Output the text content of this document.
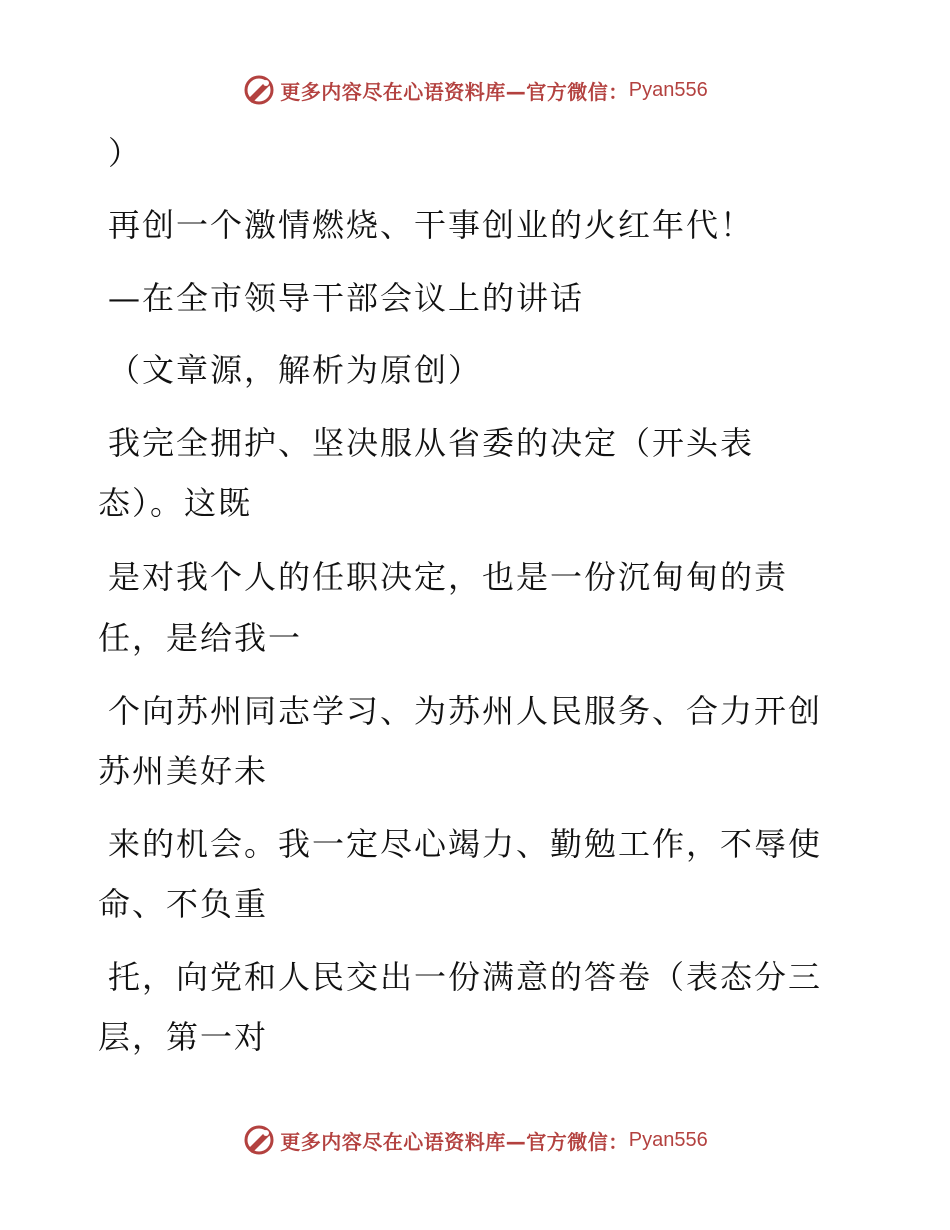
更多内容尽在心语资料库—官方微信： Pyan556
）
再创一个激情燃烧、干事创业的火红年代！
—在全市领导干部会议上的讲话
（文章源，解析为原创）
我完全拥护、坚决服从省委的决定（开头表
态）。这既
是对我个人的任职决定，也是一份沉甸甸的责
任，是给我一
个向苏州同志学习、为苏州人民服务、合力开创
苏州美好未
来的机会。我一定尽心竭力、勤勉工作，不辱使
命、不负重
托，向党和人民交出一份满意的答卷（表态分三
层，第一对
更多内容尽在心语资料库—官方微信： Pyan556
